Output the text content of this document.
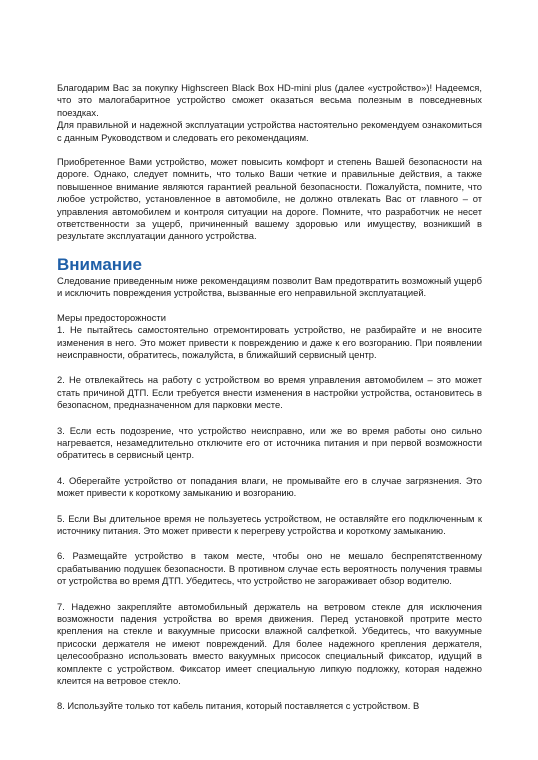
Благодарим Вас за покупку Highscreen Black Box HD-mini plus (далее «устройство»)! Надеемся, что это малогабаритное устройство сможет оказаться весьма полезным в повседневных поездках.

Для правильной и надежной эксплуатации устройства настоятельно рекомендуем ознакомиться с данным Руководством и следовать его рекомендациям.

Приобретенное Вами устройство, может повысить комфорт и степень Вашей безопасности на дороге. Однако, следует помнить, что только Ваши четкие и правильные действия, а также повышенное внимание являются гарантией реальной безопасности. Пожалуйста, помните, что любое устройство, установленное в автомобиле, не должно отвлекать Вас от главного – от управления автомобилем и контроля ситуации на дороге. Помните, что разработчик не несет ответственности за ущерб, причиненный вашему здоровью или имуществу, возникший в результате эксплуатации данного устройства.

Внимание

Следование приведенным ниже рекомендациям позволит Вам предотвратить возможный ущерб и исключить повреждения устройства, вызванные его неправильной эксплуатацией.

Меры предосторожности

1. Не пытайтесь самостоятельно отремонтировать устройство, не разбирайте и не вносите изменения в него. Это может привести к повреждению и даже к его возгоранию. При появлении неисправности, обратитесь, пожалуйста, в ближайший сервисный центр.

2. Не отвлекайтесь на работу с устройством во время управления автомобилем – это может стать причиной ДТП. Если требуется внести изменения в настройки устройства, остановитесь в безопасном, предназначенном для парковки месте.

3. Если есть подозрение, что устройство неисправно, или же во время работы оно сильно нагревается, незамедлительно отключите его от источника питания и при первой возможности обратитесь в сервисный центр.

4. Оберегайте устройство от попадания влаги, не промывайте его в случае загрязнения. Это может привести к короткому замыканию и возгоранию.

5. Если Вы длительное время не пользуетесь устройством, не оставляйте его подключенным к источнику питания. Это может привести к перегреву устройства и короткому замыканию.

6. Размещайте устройство в таком месте, чтобы оно не мешало беспрепятственному срабатыванию подушек безопасности. В противном случае есть вероятность получения травмы от устройства во время ДТП. Убедитесь, что устройство не загораживает обзор водителю.

7. Надежно закрепляйте автомобильный держатель на ветровом стекле для исключения возможности падения устройства во время движения. Перед установкой протрите место крепления на стекле и вакуумные присоски влажной салфеткой. Убедитесь, что вакуумные присоски держателя не имеют повреждений. Для более надежного крепления держателя, целесообразно использовать вместо вакуумных присосок специальный фиксатор, идущий в комплекте с устройством. Фиксатор имеет специальную липкую подложку, которая надежно клеится на ветровое стекло.

8. Используйте только тот кабель питания, который поставляется с устройством. В
